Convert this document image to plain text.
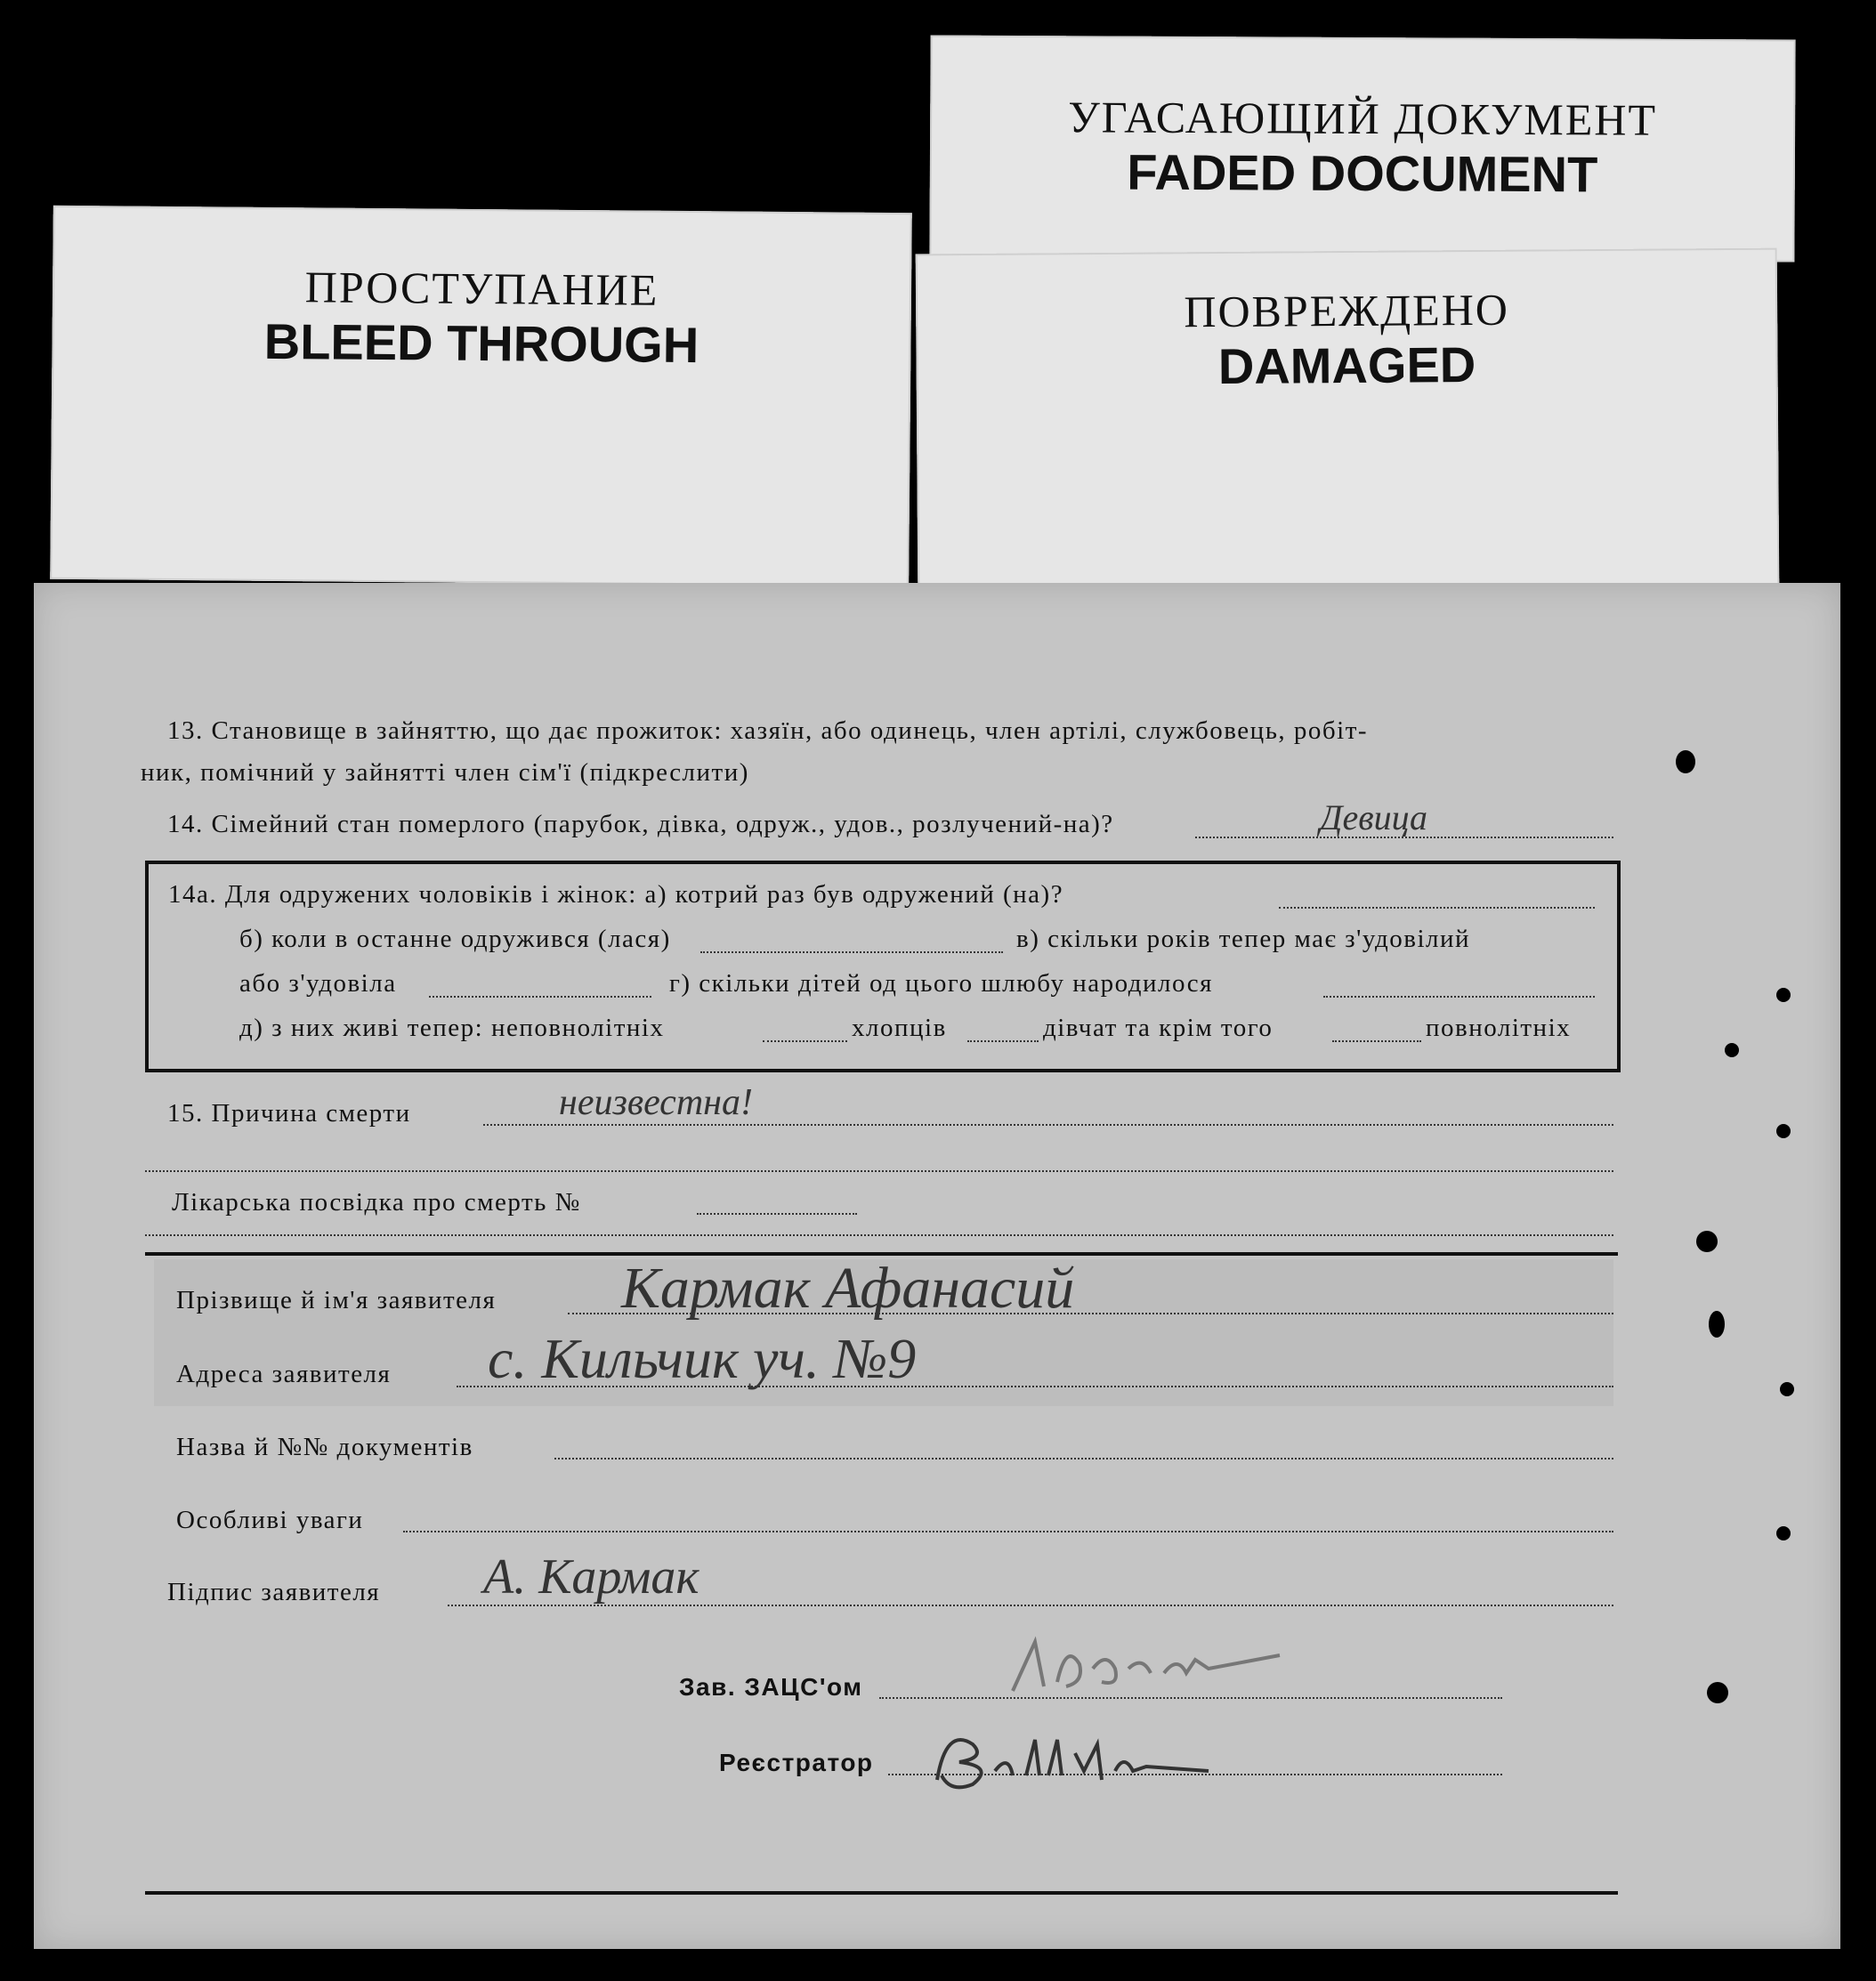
УГАСАЮЩИЙ ДОКУМЕНТ
FADED DOCUMENT
ПРОСТУПАНИЕ
BLEED THROUGH
ПОВРЕЖДЕНО
DAMAGED
13. Становище в зайняттю, що дає прожиток: хазяїн, або одинець, член артілі, службовець, робіт-
ник, помічний у зайнятті член сім'ї (підкреслити)
14. Сімейний стан померлого (парубок, дівка, одруж., удов., розлучений-на)?	Девица
14а. Для одружених чоловіків і жінок: а) котрий раз був одружений (на)?
б) коли в останне одружився (лася)	в) скільки років тепер має з'удовілий
або з'удовіла	г) скільки дітей од цього шлюбу народилося
д) з них живі тепер: неповнолітніх	хлопців	дівчат та крім того	повнолітніх
15. Причина смерти	неизвестна!
Лікарська посвідка про смерть №
Прізвище й ім'я заявителя Кармак Афанасий
Адреса заявителя с. Кильчик уч. №9
Назва й №№ документів
Особливі уваги
Підпис заявителя А. Кармак
Зав. ЗАЦС'ом
Реєстратор
